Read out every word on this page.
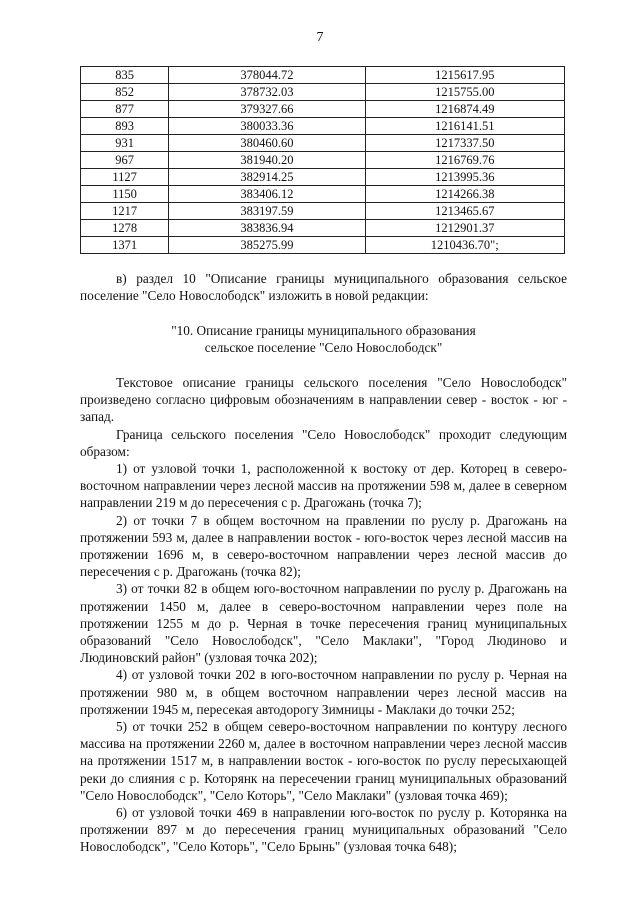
7
835	378044.72	1215617.95
852	378732.03	1215755.00
877	379327.66	1216874.49
893	380033.36	1216141.51
931	380460.60	1217337.50
967	381940.20	1216769.76
1127	382914.25	1213995.36
1150	383406.12	1214266.38
1217	383197.59	1213465.67
1278	383836.94	1212901.37
1371	385275.99	1210436.70";

в) раздел 10 "Описание границы муниципального образования сельское поселение "Село Новослободск" изложить в новой редакции:

"10. Описание границы муниципального образования
сельское поселение "Село Новослободск"

Текстовое описание границы сельского поселения "Село Новослободск" произведено согласно цифровым обозначениям в направлении север - восток - юг - запад.

Граница сельского поселения "Село Новослободск" проходит следующим образом:

1) от узловой точки 1, расположенной к востоку от дер. Которец в северо-восточном направлении через лесной массив на протяжении 598 м, далее в северном направлении 219 м до пересечения с р. Драгожань (точка 7);

2) от точки 7 в общем восточном на правлении по руслу р. Драгожань на протяжении 593 м, далее в направлении восток - юго-восток через лесной массив на протяжении 1696 м, в северо-восточном направлении через лесной массив до пересечения с р. Драгожань (точка 82);

3) от точки 82 в общем юго-восточном направлении по руслу р. Драгожань на протяжении 1450 м, далее в северо-восточном направлении через поле на протяжении 1255 м до р. Черная в точке пересечения границ муниципальных образований "Село Новослободск", "Село Маклаки", "Город Людиново и Людиновский район" (узловая точка 202);

4) от узловой точки 202 в юго-восточном направлении по руслу р. Черная на протяжении 980 м, в общем восточном направлении через лесной массив на протяжении 1945 м, пересекая автодорогу Зимницы - Маклаки до точки 252;

5) от точки 252 в общем северо-восточном направлении по контуру лесного массива на протяжении 2260 м, далее в восточном направлении через лесной массив на протяжении 1517 м, в направлении восток - юго-восток по руслу пересыхающей реки до слияния с р. Которянк на пересечении границ муниципальных образований "Село Новослободск", "Село Которь", "Село Маклаки" (узловая точка 469);

6) от узловой точки 469 в направлении юго-восток по руслу р. Которянка на протяжении 897 м до пересечения границ муниципальных образований "Село Новослободск", "Село Которь", "Село Брынь" (узловая точка 648);
